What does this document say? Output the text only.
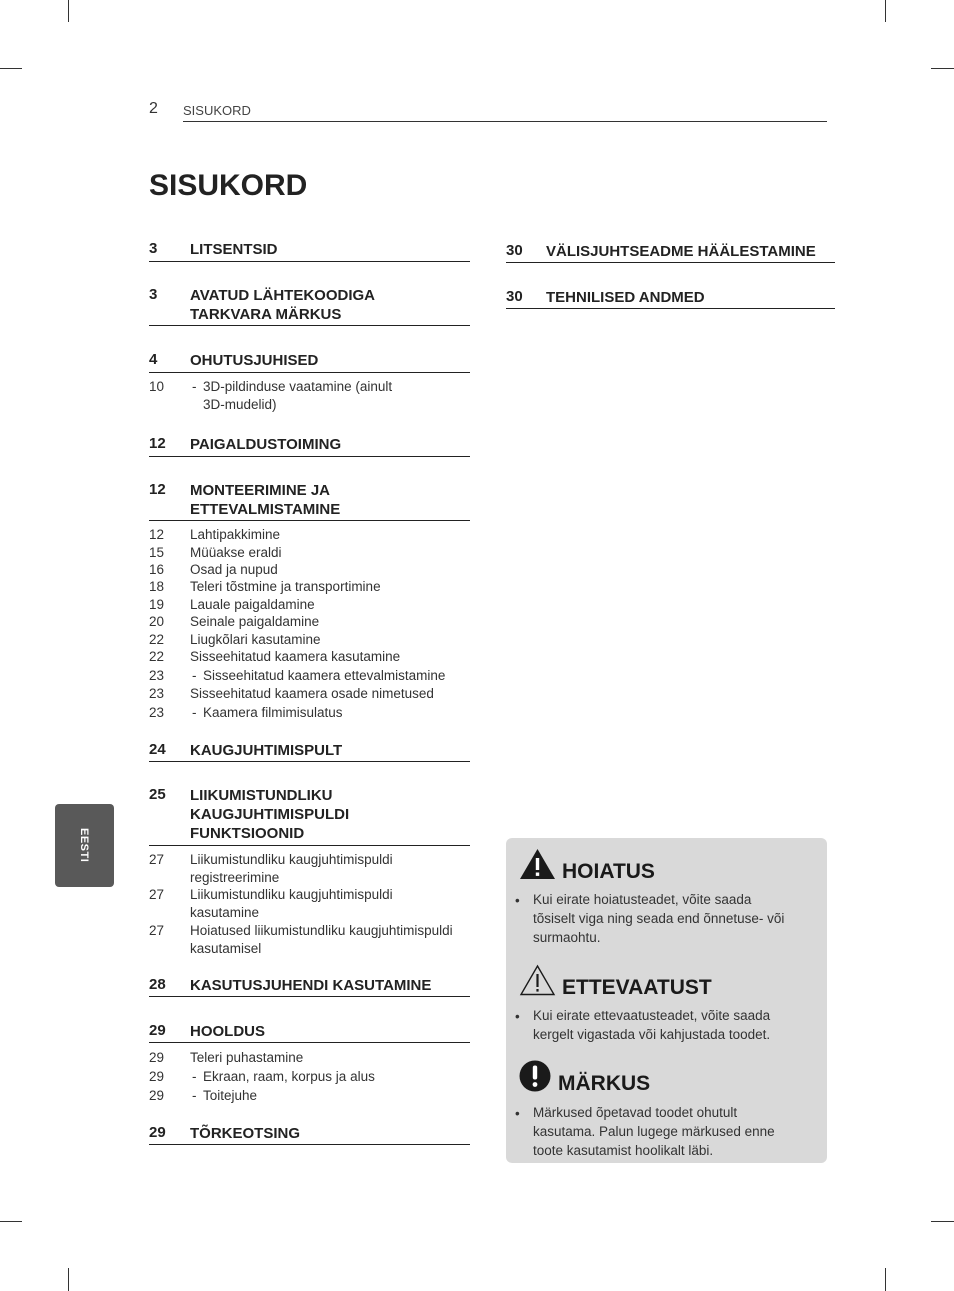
2 SISUKORD
SISUKORD
3 LITSENTSID
3 AVATUD LÄHTEKOODIGA
TARKVARA MÄRKUS
4 OHUTUSJUHISED
10 - 3D-pildinduse vaatamine (ainult
3D-mudelid)
12 PAIGALDUSTOIMING
12 MONTEERIMINE JA
ETTEVALMISTAMINE
12 Lahtipakkimine
15 Müüakse eraldi
16 Osad ja nupud
18 Teleri tõstmine ja transportimine
19 Lauale paigaldamine
20 Seinale paigaldamine
22 Liugkõlari kasutamine
22 Sisseehitatud kaamera kasutamine
23 - Sisseehitatud kaamera ettevalmistamine
23 Sisseehitatud kaamera osade nimetused
23 - Kaamera filmimisulatus
24 KAUGJUHTIMISPULT
25 LIIKUMISTUNDLIKU
KAUGJUHTIMISPULDI
FUNKTSIOONID
27 Liikumistundliku kaugjuhtimispuldi
registreerimine
27 Liikumistundliku kaugjuhtimispuldi
kasutamine
27 Hoiatused liikumistundliku kaugjuhtimispuldi
kasutamisel
28 KASUTUSJUHENDI KASUTAMINE
29 HOOLDUS
29 Teleri puhastamine
29 - Ekraan, raam, korpus ja alus
29 - Toitejuhe
29 TÕRKEOTSING
30 VÄLISJUHTSEADME HÄÄLESTAMINE
30 TEHNILISED ANDMED
EESTI
HOIATUS
• Kui eirate hoiatusteadet, võite saada
tõsiselt viga ning seada end õnnetuse- või
surmaohtu.
ETTEVAATUST
• Kui eirate ettevaatusteadet, võite saada
kergelt vigastada või kahjustada toodet.
MÄRKUS
• Märkused õpetavad toodet ohutult
kasutama. Palun lugege märkused enne
toote kasutamist hoolikalt läbi.
